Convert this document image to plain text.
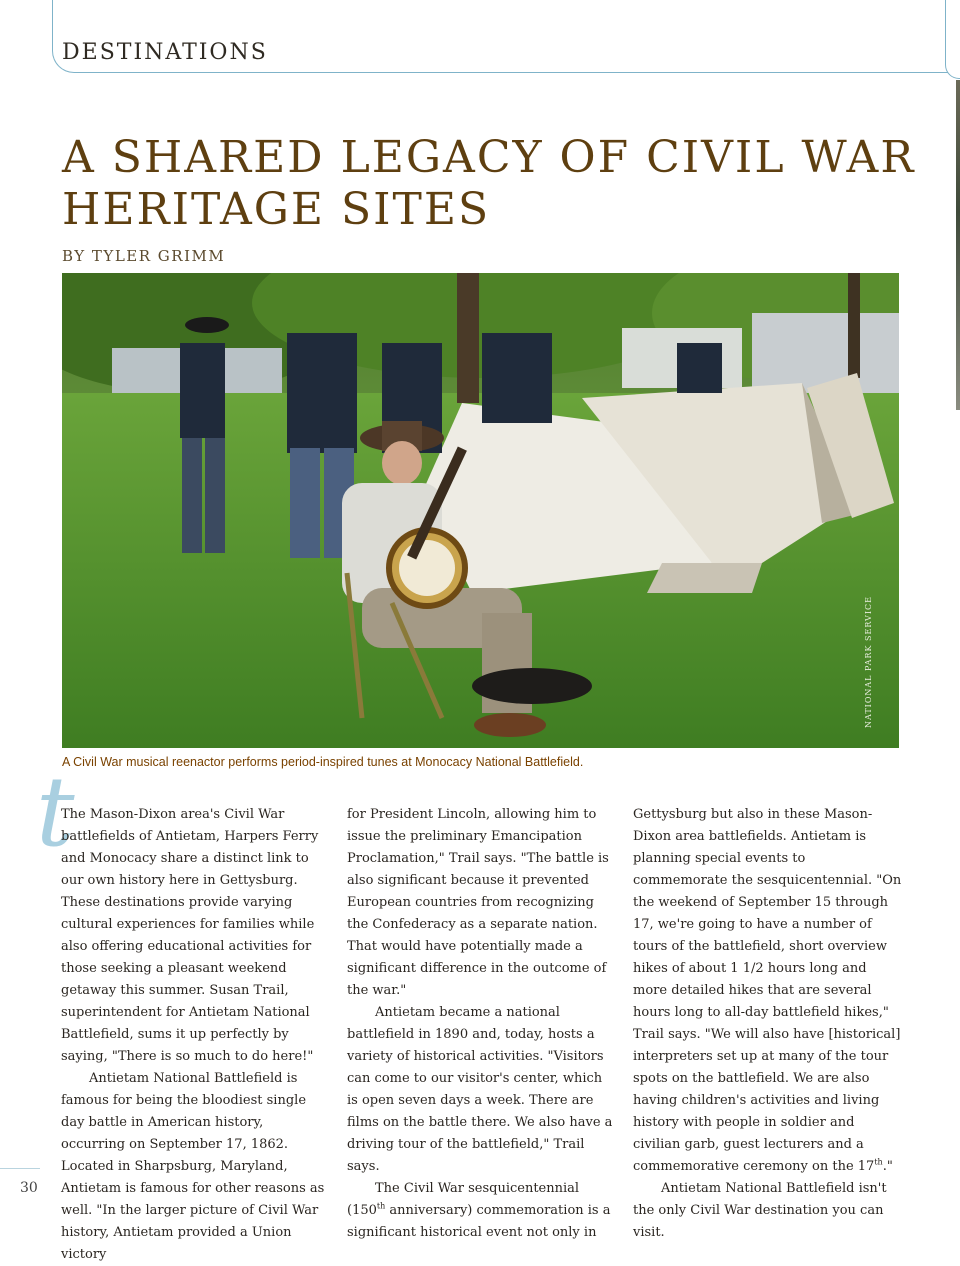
DESTINATIONS
A SHARED LEGACY OF CIVIL WAR HERITAGE SITES
BY TYLER GRIMM
NATIONAL PARK SERVICE
A Civil War musical reenactor performs period-inspired tunes at Monocacy National Battlefield.
t

The Mason-Dixon area's Civil War battlefields of Antietam, Harpers Ferry and Monocacy share a distinct link to our own history here in Gettysburg. These destinations provide varying cultural experiences for families while also offering educational activities for those seeking a pleasant weekend getaway this summer. Susan Trail, superintendent for Antietam National Battlefield, sums it up perfectly by saying, "There is so much to do here!"

Antietam National Battlefield is famous for being the bloodiest single day battle in American history, occurring on September 17, 1862. Located in Sharpsburg, Maryland, Antietam is famous for other reasons as well. "In the larger picture of Civil War history, Antietam provided a Union victory

for President Lincoln, allowing him to issue the preliminary Emancipation Proclamation," Trail says. "The battle is also significant because it prevented European countries from recognizing the Confederacy as a separate nation. That would have potentially made a significant difference in the outcome of the war."

Antietam became a national battlefield in 1890 and, today, hosts a variety of historical activities. "Visitors can come to our visitor's center, which is open seven days a week. There are films on the battle there. We also have a driving tour of the battlefield," Trail says.

The Civil War sesquicentennial (150th anniversary) commemoration is a significant historical event not only in

Gettysburg but also in these Mason-Dixon area battlefields. Antietam is planning special events to commemorate the sesquicentennial. "On the weekend of September 15 through 17, we're going to have a number of tours of the battlefield, short overview hikes of about 1 1/2 hours long and more detailed hikes that are several hours long to all-day battlefield hikes," Trail says. "We will also have [historical] interpreters set up at many of the tour spots on the battlefield. We are also having children's activities and living history with people in soldier and civilian garb, guest lecturers and a commemorative ceremony on the 17th."

Antietam National Battlefield isn't the only Civil War destination you can visit.

30
